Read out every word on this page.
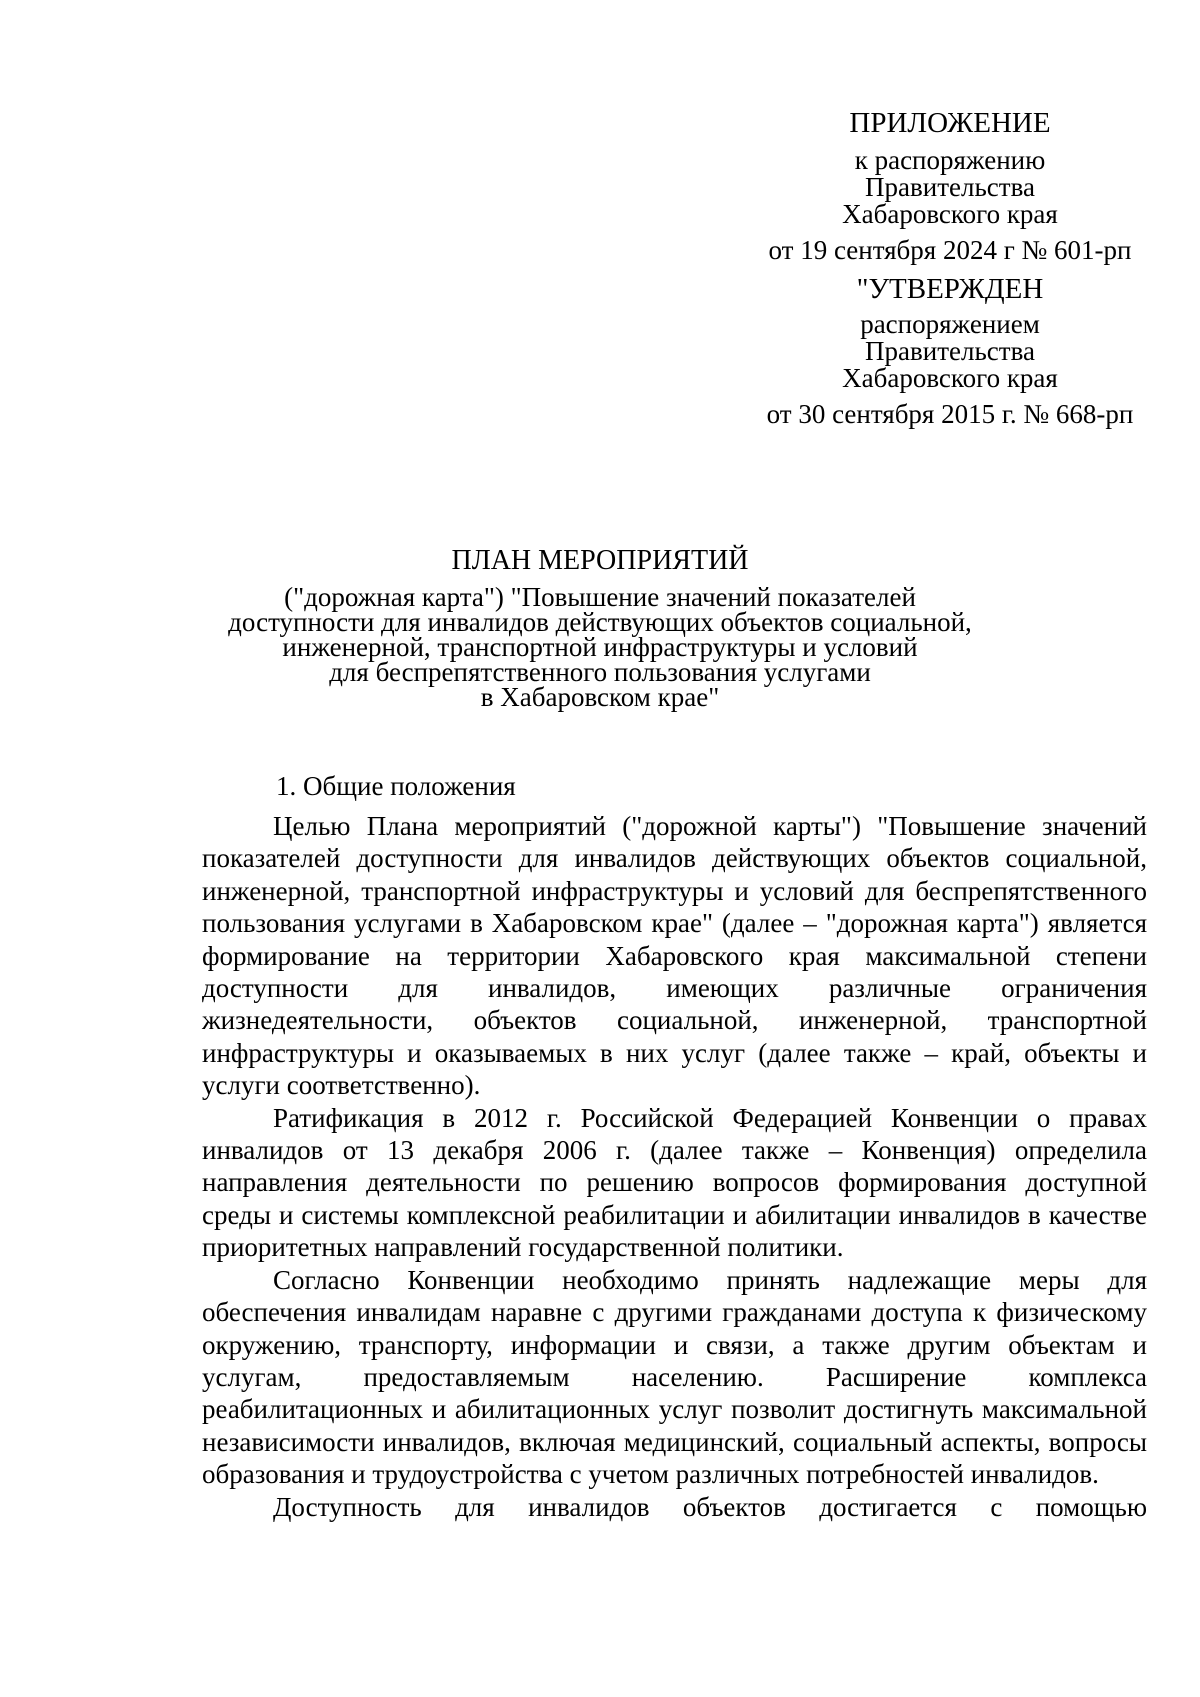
ПРИЛОЖЕНИЕ
к распоряжению
Правительства
Хабаровского края
от 19 сентября 2024 г № 601-рп
"УТВЕРЖДЕН
распоряжением
Правительства
Хабаровского края
от 30 сентября 2015 г. № 668-рп
ПЛАН МЕРОПРИЯТИЙ
("дорожная карта") "Повышение значений показателей
доступности для инвалидов действующих объектов социальной,
инженерной, транспортной инфраструктуры и условий
для беспрепятственного пользования услугами
в Хабаровском крае"
1. Общие положения

Целью Плана мероприятий ("дорожной карты") "Повышение значений показателей доступности для инвалидов действующих объектов социальной, инженерной, транспортной инфраструктуры и условий для беспрепятственного пользования услугами в Хабаровском крае" (далее – "дорожная карта") является формирование на территории Хабаровского края максимальной степени доступности для инвалидов, имеющих различные ограничения жизнедеятельности, объектов социальной, инженерной, транспортной инфраструктуры и оказываемых в них услуг (далее также – край, объекты и услуги соответственно).

Ратификация в 2012 г. Российской Федерацией Конвенции о правах инвалидов от 13 декабря 2006 г. (далее также – Конвенция) определила направления деятельности по решению вопросов формирования доступной среды и системы комплексной реабилитации и абилитации инвалидов в качестве приоритетных направлений государственной политики.

Согласно Конвенции необходимо принять надлежащие меры для обеспечения инвалидам наравне с другими гражданами доступа к физическому окружению, транспорту, информации и связи, а также другим объектам и услугам, предоставляемым населению. Расширение комплекса реабилитационных и абилитационных услуг позволит достигнуть максимальной независимости инвалидов, включая медицинский, социальный аспекты, вопросы образования и трудоустройства с учетом различных потребностей инвалидов.

Доступность для инвалидов объектов достигается с помощью
